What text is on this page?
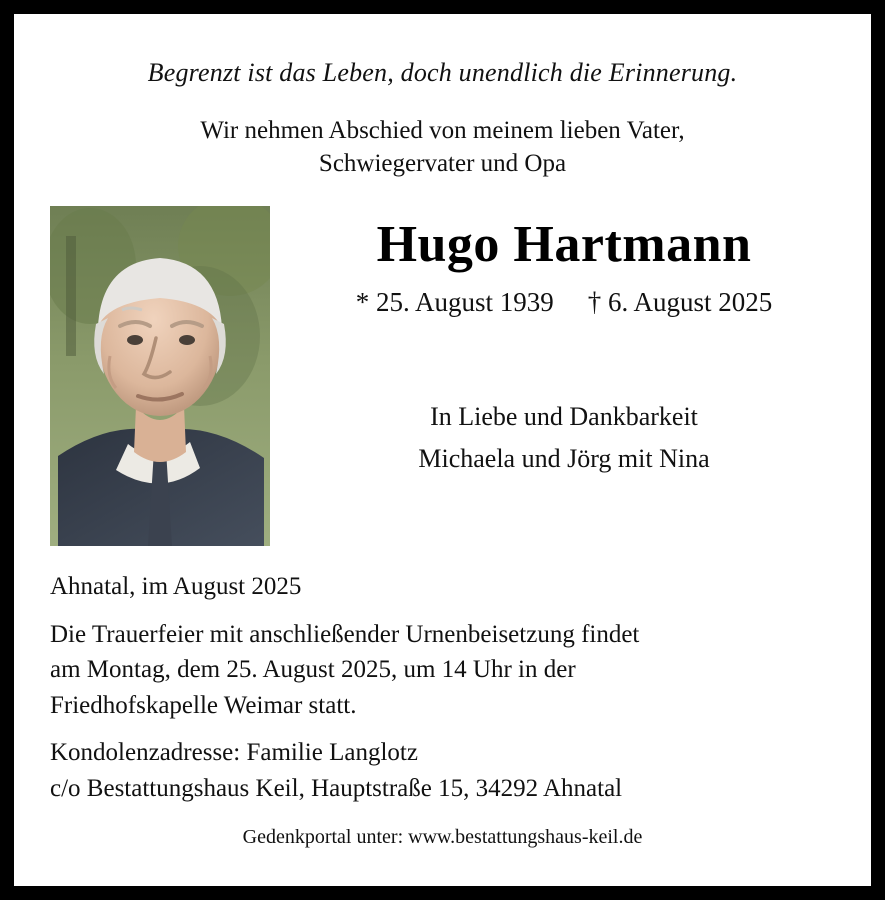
Begrenzt ist das Leben, doch unendlich die Erinnerung.
Wir nehmen Abschied von meinem lieben Vater,
Schwiegervater und Opa
Hugo Hartmann
* 25. August 1939 † 6. August 2025
In Liebe und Dankbarkeit
Michaela und Jörg mit Nina
Ahnatal, im August 2025
Die Trauerfeier mit anschließender Urnenbeisetzung findet
am Montag, dem 25. August 2025, um 14 Uhr in der
Friedhofskapelle Weimar statt.
Kondolenzadresse: Familie Langlotz
c/o Bestattungshaus Keil, Hauptstraße 15, 34292 Ahnatal
Gedenkportal unter: www.bestattungshaus-keil.de
